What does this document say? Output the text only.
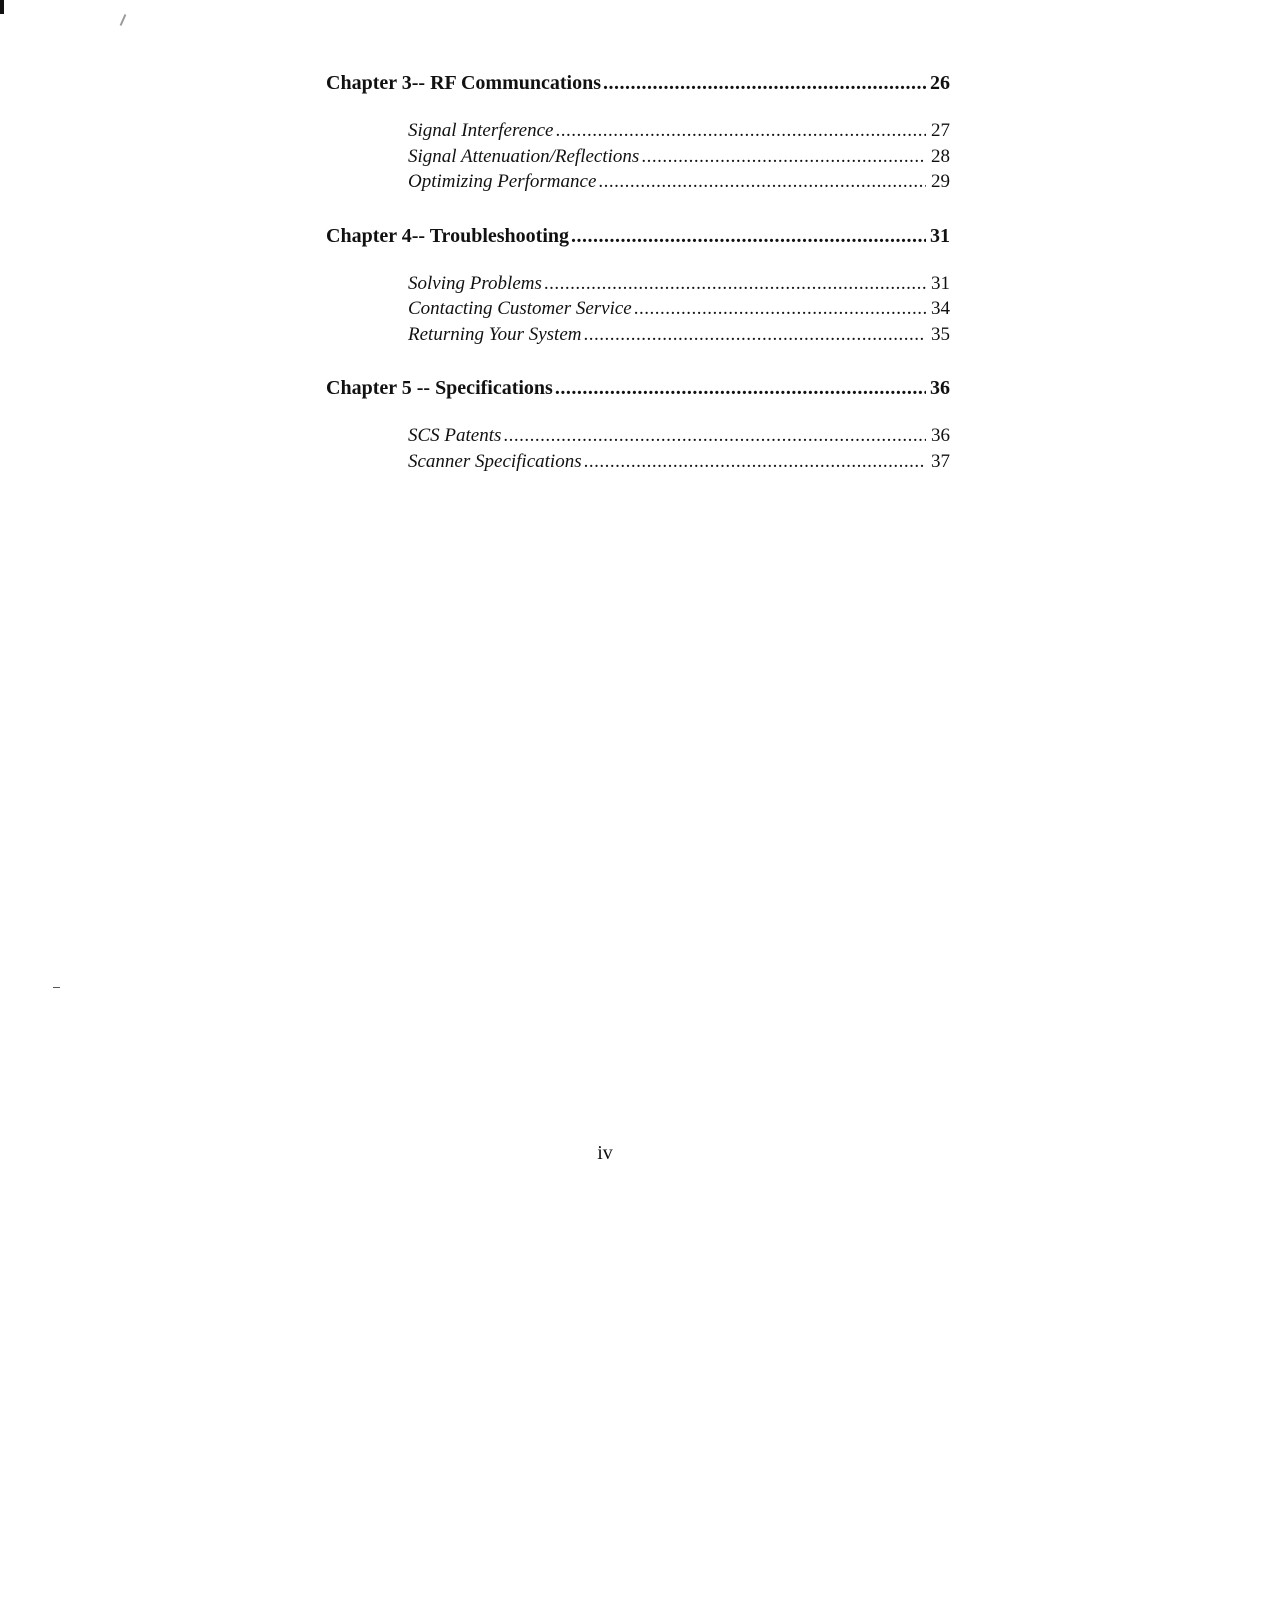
Chapter 3-- RF Communcations .....	26
Signal Interference .....	27
Signal Attenuation/Reflections .....	28
Optimizing Performance .....	29
Chapter 4-- Troubleshooting .....	31
Solving Problems .....	31
Contacting Customer Service .....	34
Returning Your System .....	35
Chapter 5 -- Specifications .....	36
SCS Patents .....	36
Scanner Specifications .....	37
iv
